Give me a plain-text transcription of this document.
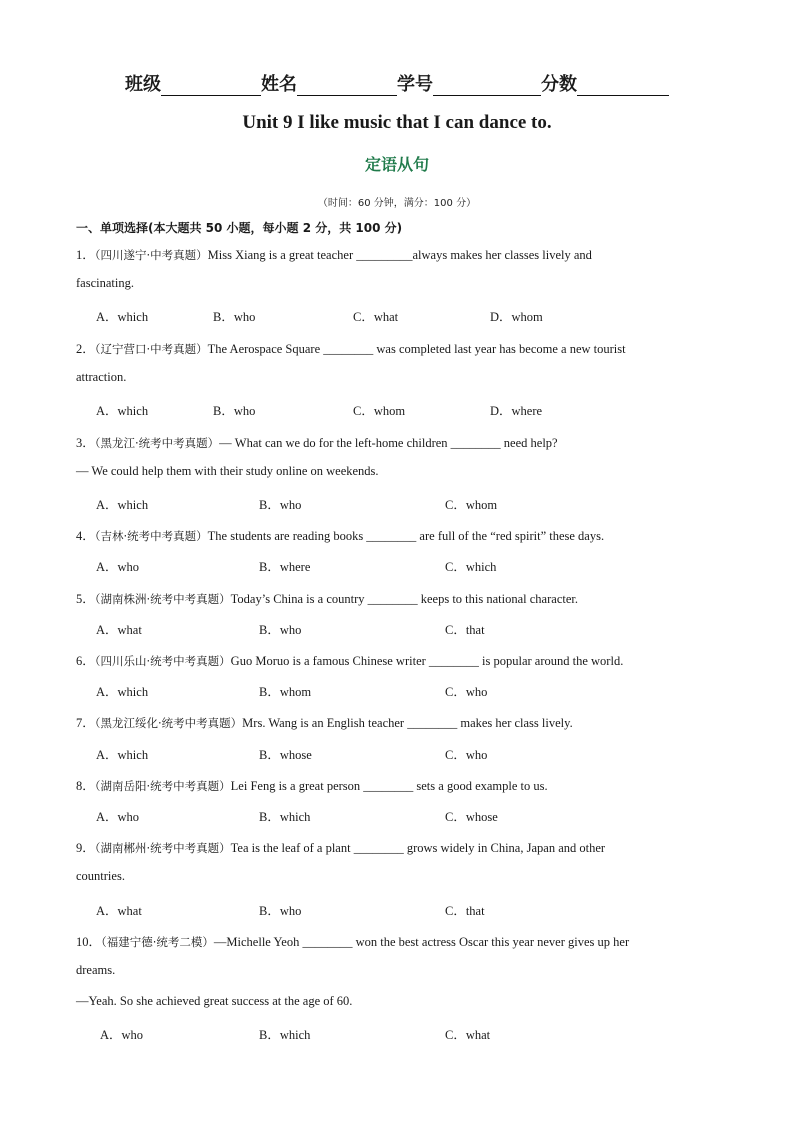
班级	姓名	学号	分数
Unit 9 I like music that I can dance to.
定语从句
（时间：60 分钟，满分：100 分）
一、单项选择(本大题共 50 小题，每小题 2 分，共 100 分)
1．（四川遂宁·中考真题）Miss Xiang is a great teacher _________always makes her classes lively and
fascinating.
A．which	B．who	C．what	D．whom
2．（辽宁营口·中考真题）The Aerospace Square ________ was completed last year has become a new tourist
attraction.
A．which	B．who	C．whom	D．where
3．（黑龙江·统考中考真题）— What can we do for the left-home children ________ need help?
— We could help them with their study online on weekends.
A．which	B．who	C．whom
4．（吉林·统考中考真题）The students are reading books ________ are full of the “red spirit” these days.
A．who	B．where	C．which
5．（湖南株洲·统考中考真题）Today’s China is a country ________ keeps to this national character.
A．what	B．who	C．that
6．（四川乐山·统考中考真题）Guo Moruo is a famous Chinese writer ________ is popular around the world.
A．which	B．whom	C．who
7．（黑龙江绥化·统考中考真题）Mrs. Wang is an English teacher ________ makes her class lively.
A．which	B．whose	C．who
8．（湖南岳阳·统考中考真题）Lei Feng is a great person ________ sets a good example to us.
A．who	B．which	C．whose
9．（湖南郴州·统考中考真题）Tea is the leaf of a plant ________ grows widely in China, Japan and other
countries.
A．what	B．who	C．that
10．（福建宁德·统考二模）—Michelle Yeoh ________ won the best actress Oscar this year never gives up her
dreams.
—Yeah. So she achieved great success at the age of 60.
A．who	B．which	C．what
